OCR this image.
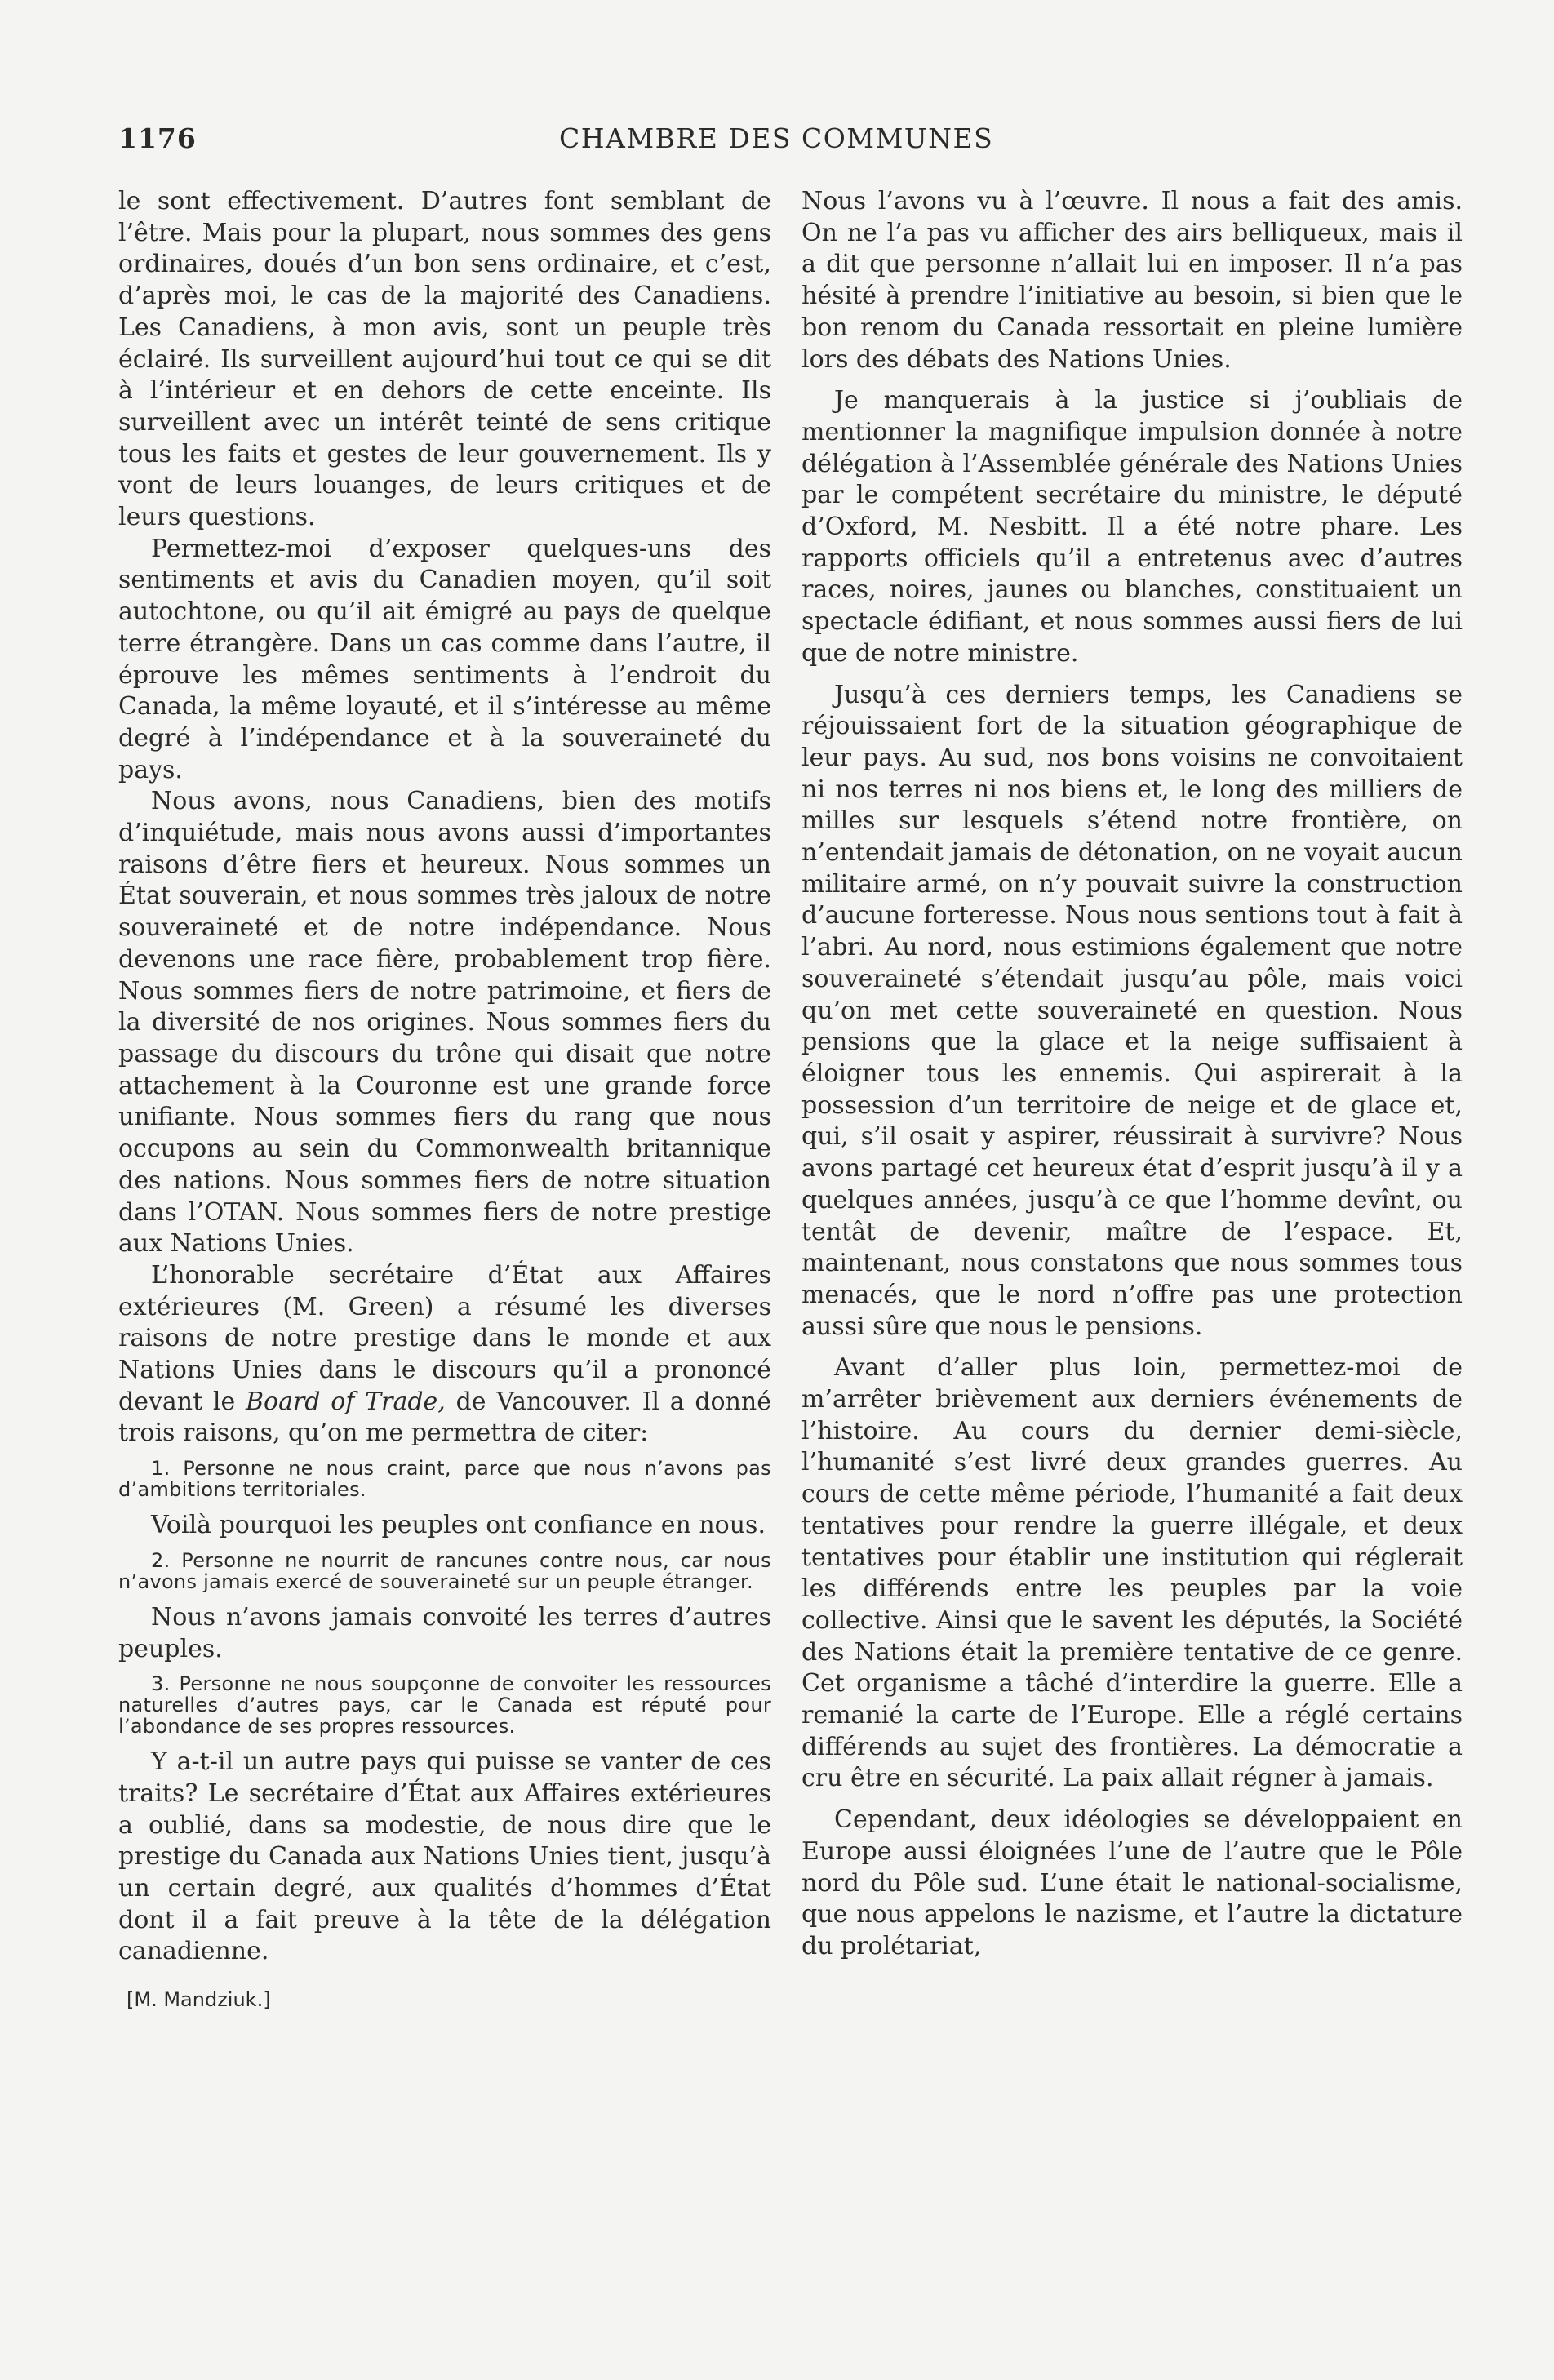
1176	CHAMBRE DES COMMUNES

le sont effectivement. D’autres font semblant de l’être. Mais pour la plupart, nous sommes des gens ordinaires, doués d’un bon sens ordinaire, et c’est, d’après moi, le cas de la majorité des Canadiens. Les Canadiens, à mon avis, sont un peuple très éclairé. Ils surveillent aujourd’hui tout ce qui se dit à l’intérieur et en dehors de cette enceinte. Ils surveillent avec un intérêt teinté de sens critique tous les faits et gestes de leur gouvernement. Ils y vont de leurs louanges, de leurs critiques et de leurs questions.

Permettez-moi d’exposer quelques-uns des sentiments et avis du Canadien moyen, qu’il soit autochtone, ou qu’il ait émigré au pays de quelque terre étrangère. Dans un cas comme dans l’autre, il éprouve les mêmes sentiments à l’endroit du Canada, la même loyauté, et il s’intéresse au même degré à l’indépendance et à la souveraineté du pays.

Nous avons, nous Canadiens, bien des motifs d’inquiétude, mais nous avons aussi d’importantes raisons d’être fiers et heureux. Nous sommes un État souverain, et nous sommes très jaloux de notre souveraineté et de notre indépendance. Nous devenons une race fière, probablement trop fière. Nous sommes fiers de notre patrimoine, et fiers de la diversité de nos origines. Nous sommes fiers du passage du discours du trône qui disait que notre attachement à la Couronne est une grande force unifiante. Nous sommes fiers du rang que nous occupons au sein du Commonwealth britannique des nations. Nous sommes fiers de notre situation dans l’OTAN. Nous sommes fiers de notre prestige aux Nations Unies.

L’honorable secrétaire d’État aux Affaires extérieures (M. Green) a résumé les diverses raisons de notre prestige dans le monde et aux Nations Unies dans le discours qu’il a prononcé devant le Board of Trade, de Vancouver. Il a donné trois raisons, qu’on me permettra de citer:

1. Personne ne nous craint, parce que nous n’avons pas d’ambitions territoriales.

Voilà pourquoi les peuples ont confiance en nous.

2. Personne ne nourrit de rancunes contre nous, car nous n’avons jamais exercé de souveraineté sur un peuple étranger.

Nous n’avons jamais convoité les terres d’autres peuples.

3. Personne ne nous soupçonne de convoiter les ressources naturelles d’autres pays, car le Canada est réputé pour l’abondance de ses propres ressources.

Y a-t-il un autre pays qui puisse se vanter de ces traits? Le secrétaire d’État aux Affaires extérieures a oublié, dans sa modestie, de nous dire que le prestige du Canada aux Nations Unies tient, jusqu’à un certain degré, aux qualités d’hommes d’État dont il a fait preuve à la tête de la délégation canadienne.

[M. Mandziuk.]

Nous l’avons vu à l’œuvre. Il nous a fait des amis. On ne l’a pas vu afficher des airs belliqueux, mais il a dit que personne n’allait lui en imposer. Il n’a pas hésité à prendre l’initiative au besoin, si bien que le bon renom du Canada ressortait en pleine lumière lors des débats des Nations Unies.

Je manquerais à la justice si j’oubliais de mentionner la magnifique impulsion donnée à notre délégation à l’Assemblée générale des Nations Unies par le compétent secrétaire du ministre, le député d’Oxford, M. Nesbitt. Il a été notre phare. Les rapports officiels qu’il a entretenus avec d’autres races, noires, jaunes ou blanches, constituaient un spectacle édifiant, et nous sommes aussi fiers de lui que de notre ministre.

Jusqu’à ces derniers temps, les Canadiens se réjouissaient fort de la situation géographique de leur pays. Au sud, nos bons voisins ne convoitaient ni nos terres ni nos biens et, le long des milliers de milles sur lesquels s’étend notre frontière, on n’entendait jamais de détonation, on ne voyait aucun militaire armé, on n’y pouvait suivre la construction d’aucune forteresse. Nous nous sentions tout à fait à l’abri. Au nord, nous estimions également que notre souveraineté s’étendait jusqu’au pôle, mais voici qu’on met cette souveraineté en question. Nous pensions que la glace et la neige suffisaient à éloigner tous les ennemis. Qui aspirerait à la possession d’un territoire de neige et de glace et, qui, s’il osait y aspirer, réussirait à survivre? Nous avons partagé cet heureux état d’esprit jusqu’à il y a quelques années, jusqu’à ce que l’homme devînt, ou tentât de devenir, maître de l’espace. Et, maintenant, nous constatons que nous sommes tous menacés, que le nord n’offre pas une protection aussi sûre que nous le pensions.

Avant d’aller plus loin, permettez-moi de m’arrêter brièvement aux derniers événements de l’histoire. Au cours du dernier demi-siècle, l’humanité s’est livré deux grandes guerres. Au cours de cette même période, l’humanité a fait deux tentatives pour rendre la guerre illégale, et deux tentatives pour établir une institution qui réglerait les différends entre les peuples par la voie collective. Ainsi que le savent les députés, la Société des Nations était la première tentative de ce genre. Cet organisme a tâché d’interdire la guerre. Elle a remanié la carte de l’Europe. Elle a réglé certains différends au sujet des frontières. La démocratie a cru être en sécurité. La paix allait régner à jamais.

Cependant, deux idéologies se développaient en Europe aussi éloignées l’une de l’autre que le Pôle nord du Pôle sud. L’une était le national-socialisme, que nous appelons le nazisme, et l’autre la dictature du prolétariat,
